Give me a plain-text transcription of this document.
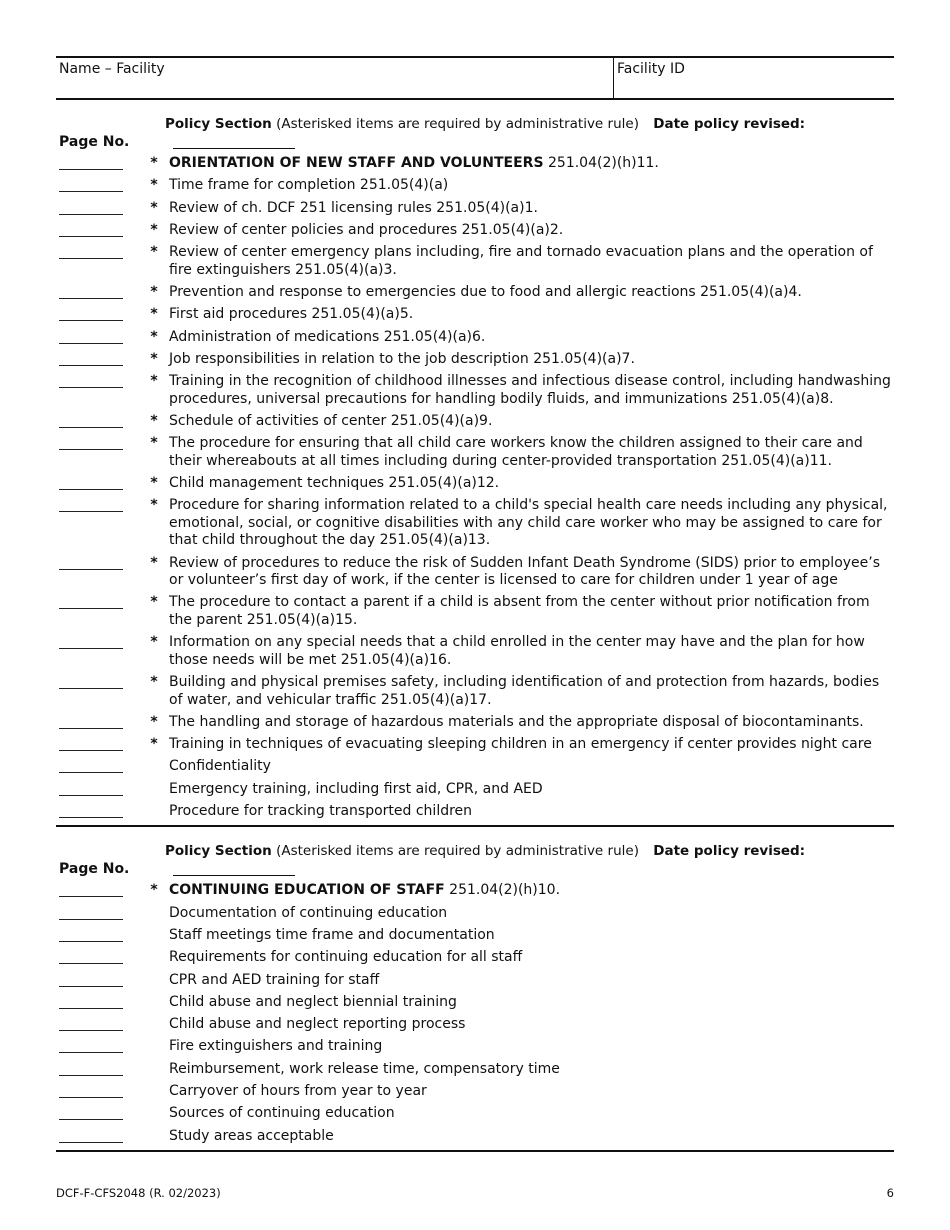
Name – Facility	Facility ID
Page No.
Policy Section (Asterisked items are required by administrative rule) Date policy revised:
* ORIENTATION OF NEW STAFF AND VOLUNTEERS 251.04(2)(h)11.
* Time frame for completion 251.05(4)(a)
* Review of ch. DCF 251 licensing rules 251.05(4)(a)1.
* Review of center policies and procedures 251.05(4)(a)2.
* Review of center emergency plans including, fire and tornado evacuation plans and the operation of fire extinguishers 251.05(4)(a)3.
* Prevention and response to emergencies due to food and allergic reactions 251.05(4)(a)4.
* First aid procedures 251.05(4)(a)5.
* Administration of medications 251.05(4)(a)6.
* Job responsibilities in relation to the job description 251.05(4)(a)7.
* Training in the recognition of childhood illnesses and infectious disease control, including handwashing procedures, universal precautions for handling bodily fluids, and immunizations 251.05(4)(a)8.
* Schedule of activities of center 251.05(4)(a)9.
* The procedure for ensuring that all child care workers know the children assigned to their care and their whereabouts at all times including during center-provided transportation 251.05(4)(a)11.
* Child management techniques 251.05(4)(a)12.
* Procedure for sharing information related to a child's special health care needs including any physical, emotional, social, or cognitive disabilities with any child care worker who may be assigned to care for that child throughout the day 251.05(4)(a)13.
* Review of procedures to reduce the risk of Sudden Infant Death Syndrome (SIDS) prior to employee’s or volunteer’s first day of work, if the center is licensed to care for children under 1 year of age
* The procedure to contact a parent if a child is absent from the center without prior notification from the parent 251.05(4)(a)15.
* Information on any special needs that a child enrolled in the center may have and the plan for how those needs will be met 251.05(4)(a)16.
* Building and physical premises safety, including identification of and protection from hazards, bodies of water, and vehicular traffic 251.05(4)(a)17.
* The handling and storage of hazardous materials and the appropriate disposal of biocontaminants.
* Training in techniques of evacuating sleeping children in an emergency if center provides night care
Confidentiality
Emergency training, including first aid, CPR, and AED
Procedure for tracking transported children
Page No.
Policy Section (Asterisked items are required by administrative rule) Date policy revised:
* CONTINUING EDUCATION OF STAFF 251.04(2)(h)10.
Documentation of continuing education
Staff meetings time frame and documentation
Requirements for continuing education for all staff
CPR and AED training for staff
Child abuse and neglect biennial training
Child abuse and neglect reporting process
Fire extinguishers and training
Reimbursement, work release time, compensatory time
Carryover of hours from year to year
Sources of continuing education
Study areas acceptable
DCF-F-CFS2048 (R. 02/2023)	6
